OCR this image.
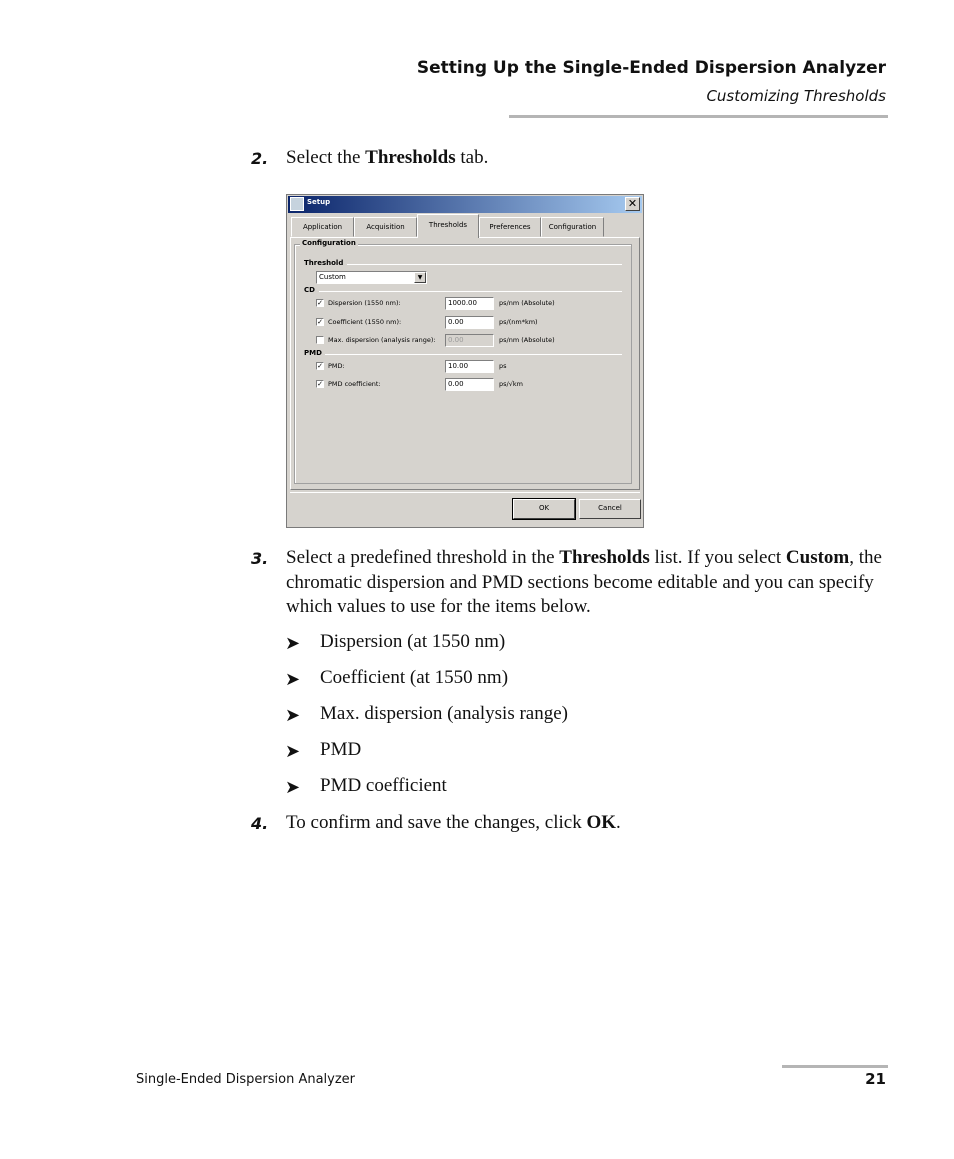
Setting Up the Single-Ended Dispersion Analyzer
Customizing Thresholds
2. Select the Thresholds tab.
Setup	✕
Application	Acquisition	Thresholds	Preferences	Configuration
Configuration
Threshold
Custom	▼
CD
✓ Dispersion (1550 nm):	1000.00	ps/nm (Absolute)
✓ Coefficient (1550 nm):	0.00	ps/(nm*km)
Max. dispersion (analysis range):	0.00	ps/nm (Absolute)
PMD
✓ PMD:	10.00	ps
✓ PMD coefficient:	0.00	ps/√km
OK	Cancel
3. Select a predefined threshold in the Thresholds list. If you select Custom, the chromatic dispersion and PMD sections become editable and you can specify which values to use for the items below.
➤ Dispersion (at 1550 nm)
➤ Coefficient (at 1550 nm)
➤ Max. dispersion (analysis range)
➤ PMD
➤ PMD coefficient
4. To confirm and save the changes, click OK.
Single-Ended Dispersion Analyzer	21
